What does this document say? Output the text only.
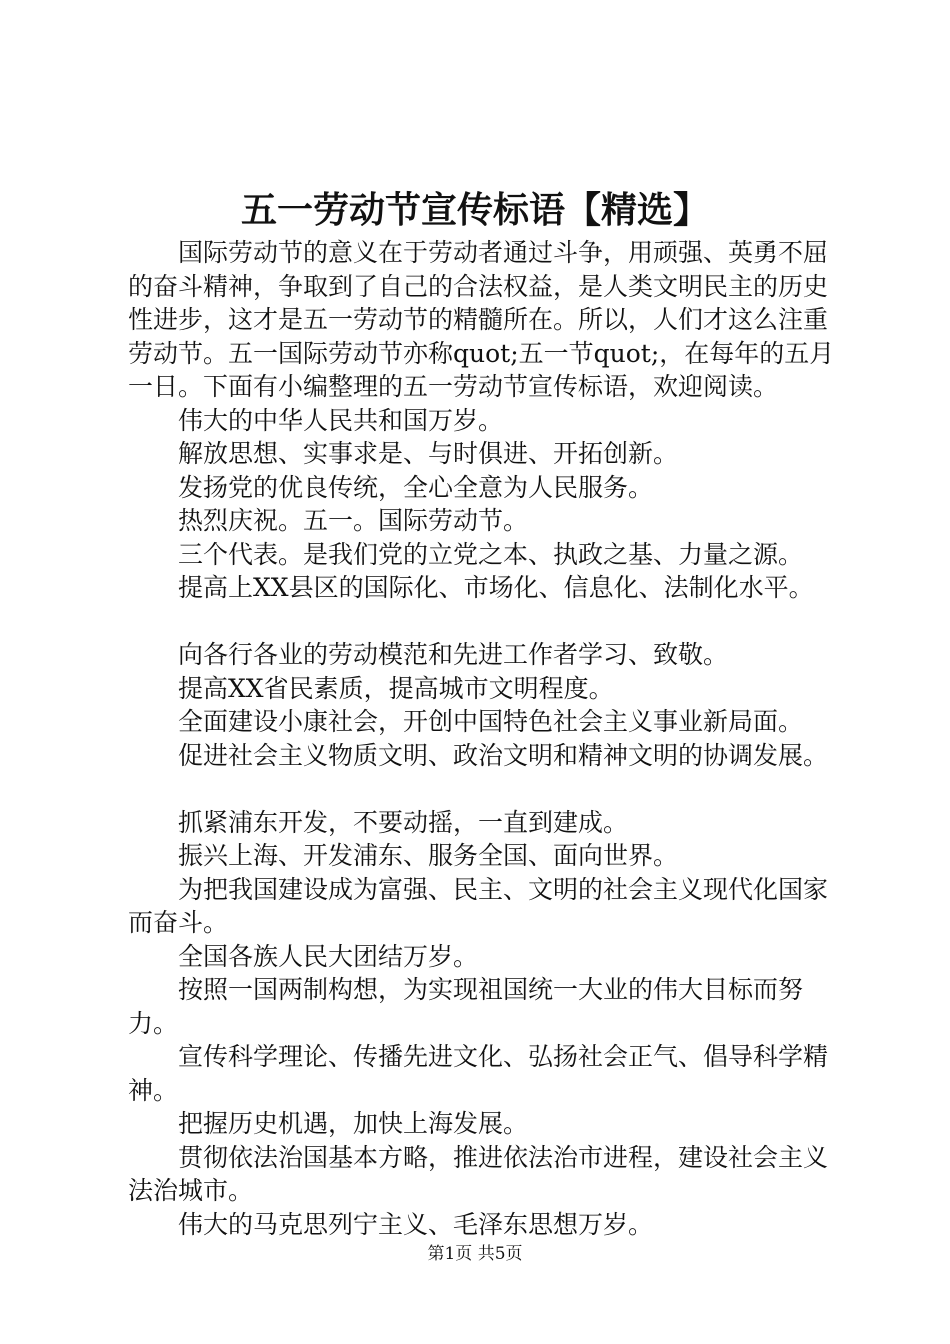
五一劳动节宣传标语【精选】

国际劳动节的意义在于劳动者通过斗争，用顽强、英勇不屈的奋斗精神，争取到了自己的合法权益，是人类文明民主的历史性进步，这才是五一劳动节的精髓所在。所以，人们才这么注重劳动节。五一国际劳动节亦称quot;五一节quot;，在每年的五月一日。下面有小编整理的五一劳动节宣传标语，欢迎阅读。

伟大的中华人民共和国万岁。

解放思想、实事求是、与时俱进、开拓创新。

发扬党的优良传统，全心全意为人民服务。

热烈庆祝。五一。国际劳动节。

三个代表。是我们党的立党之本、执政之基、力量之源。

提高上XX县区的国际化、市场化、信息化、法制化水平。

向各行各业的劳动模范和先进工作者学习、致敬。

提高XX省民素质，提高城市文明程度。

全面建设小康社会，开创中国特色社会主义事业新局面。

促进社会主义物质文明、政治文明和精神文明的协调发展。

抓紧浦东开发，不要动摇，一直到建成。

振兴上海、开发浦东、服务全国、面向世界。

为把我国建设成为富强、民主、文明的社会主义现代化国家而奋斗。

全国各族人民大团结万岁。

按照一国两制构想，为实现祖国统一大业的伟大目标而努力。

宣传科学理论、传播先进文化、弘扬社会正气、倡导科学精神。

把握历史机遇，加快上海发展。

贯彻依法治国基本方略，推进依法治市进程，建设社会主义法治城市。

伟大的马克思列宁主义、毛泽东思想万岁。

第1页 共5页
